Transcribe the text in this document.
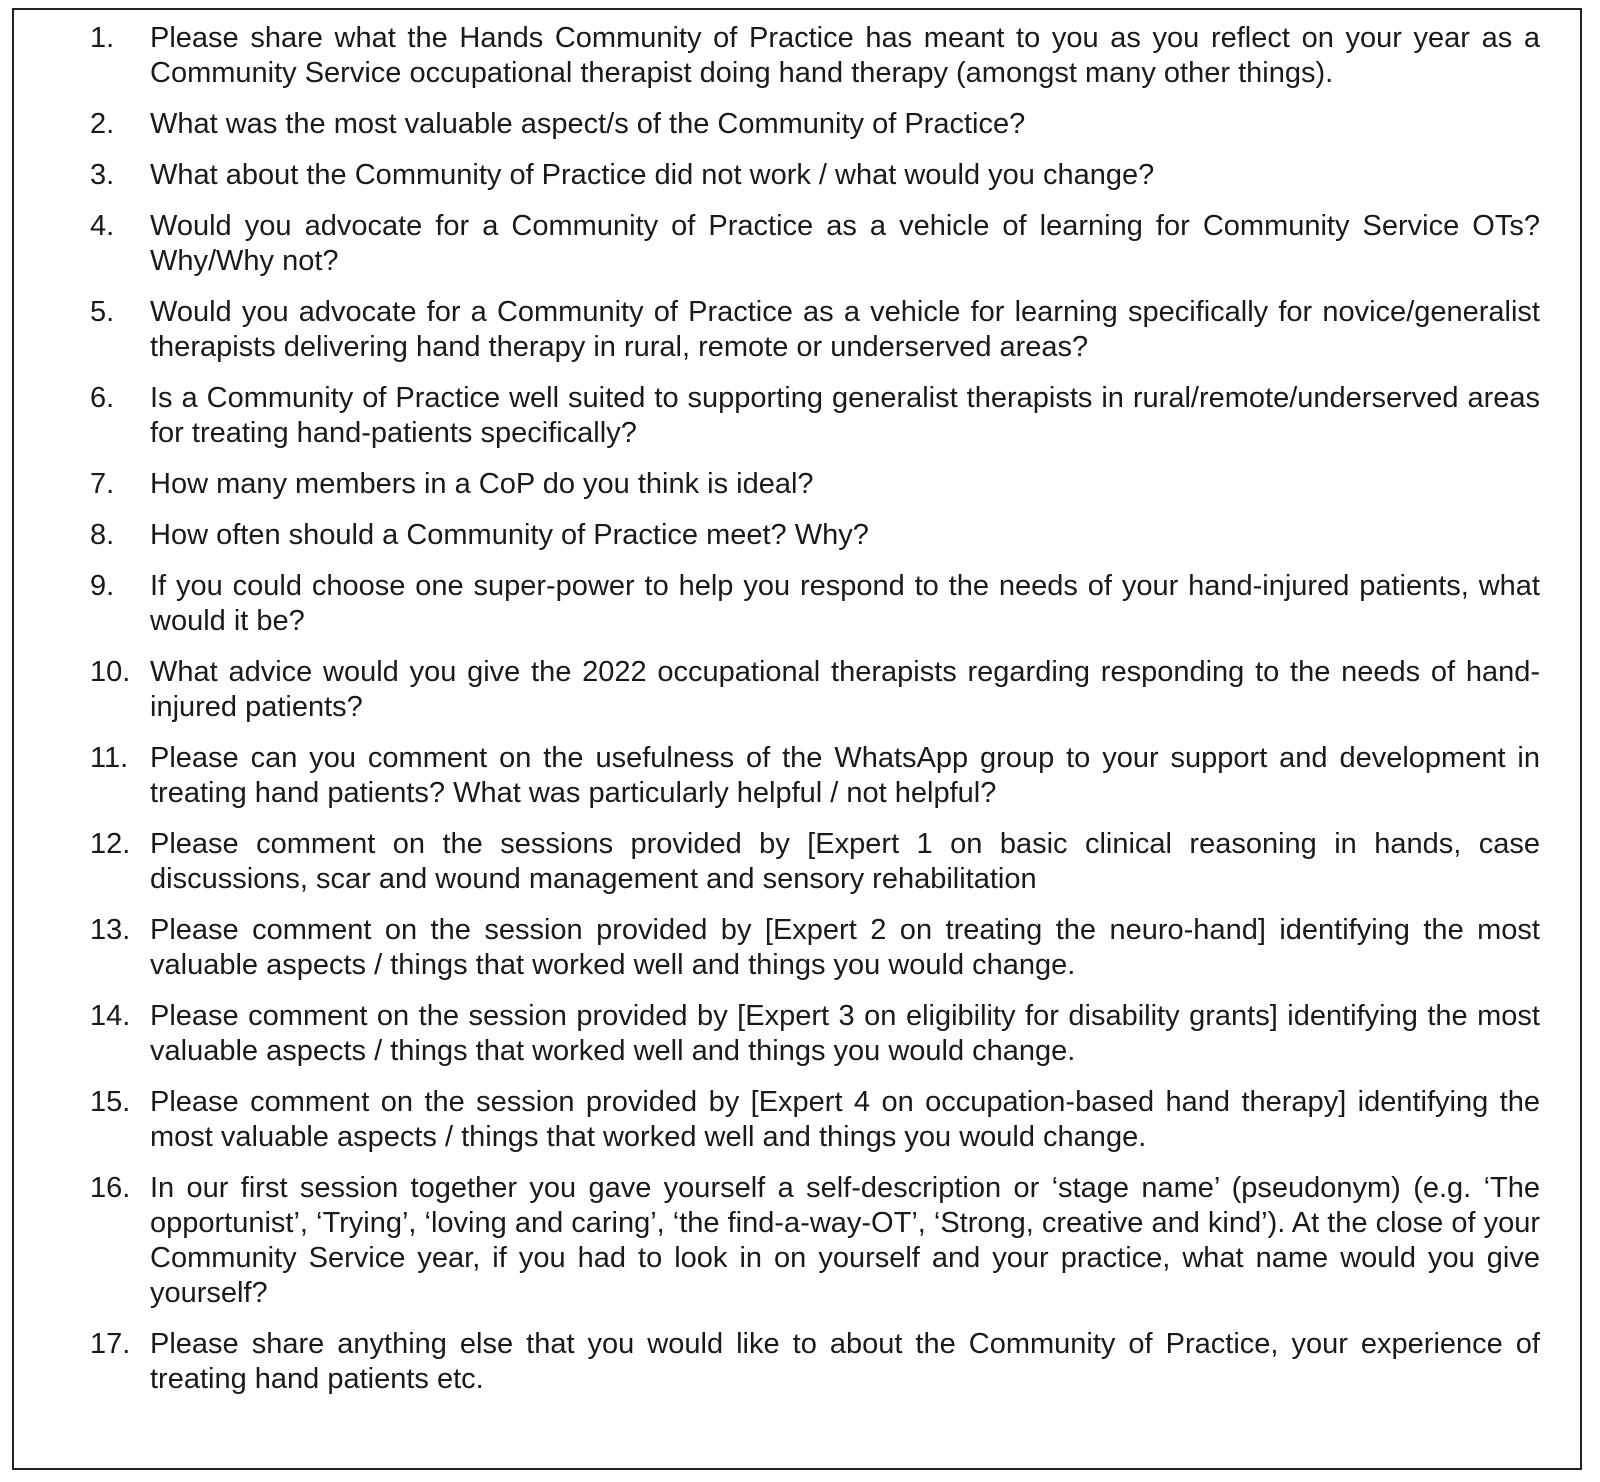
1. Please share what the Hands Community of Practice has meant to you as you reflect on your year as a Community Service occupational therapist doing hand therapy (amongst many other things).
2. What was the most valuable aspect/s of the Community of Practice?
3. What about the Community of Practice did not work / what would you change?
4. Would you advocate for a Community of Practice as a vehicle of learning for Community Service OTs? Why/Why not?
5. Would you advocate for a Community of Practice as a vehicle for learning specifically for novice/generalist therapists delivering hand therapy in rural, remote or underserved areas?
6. Is a Community of Practice well suited to supporting generalist therapists in rural/remote/underserved areas for treating hand-patients specifically?
7. How many members in a CoP do you think is ideal?
8. How often should a Community of Practice meet? Why?
9. If you could choose one super-power to help you respond to the needs of your hand-injured patients, what would it be?
10. What advice would you give the 2022 occupational therapists regarding responding to the needs of hand-injured patients?
11. Please can you comment on the usefulness of the WhatsApp group to your support and development in treating hand patients? What was particularly helpful / not helpful?
12. Please comment on the sessions provided by [Expert 1 on basic clinical reasoning in hands, case discussions, scar and wound management and sensory rehabilitation
13. Please comment on the session provided by [Expert 2 on treating the neuro-hand] identifying the most valuable aspects / things that worked well and things you would change.
14. Please comment on the session provided by [Expert 3 on eligibility for disability grants] identifying the most valuable aspects / things that worked well and things you would change.
15. Please comment on the session provided by [Expert 4 on occupation-based hand therapy] identifying the most valuable aspects / things that worked well and things you would change.
16. In our first session together you gave yourself a self-description or ‘stage name’ (pseudonym) (e.g. ‘The opportunist’, ‘Trying’, ‘loving and caring’, ‘the find-a-way-OT’, ‘Strong, creative and kind’). At the close of your Community Service year, if you had to look in on yourself and your practice, what name would you give yourself?
17. Please share anything else that you would like to about the Community of Practice, your experience of treating hand patients etc.
